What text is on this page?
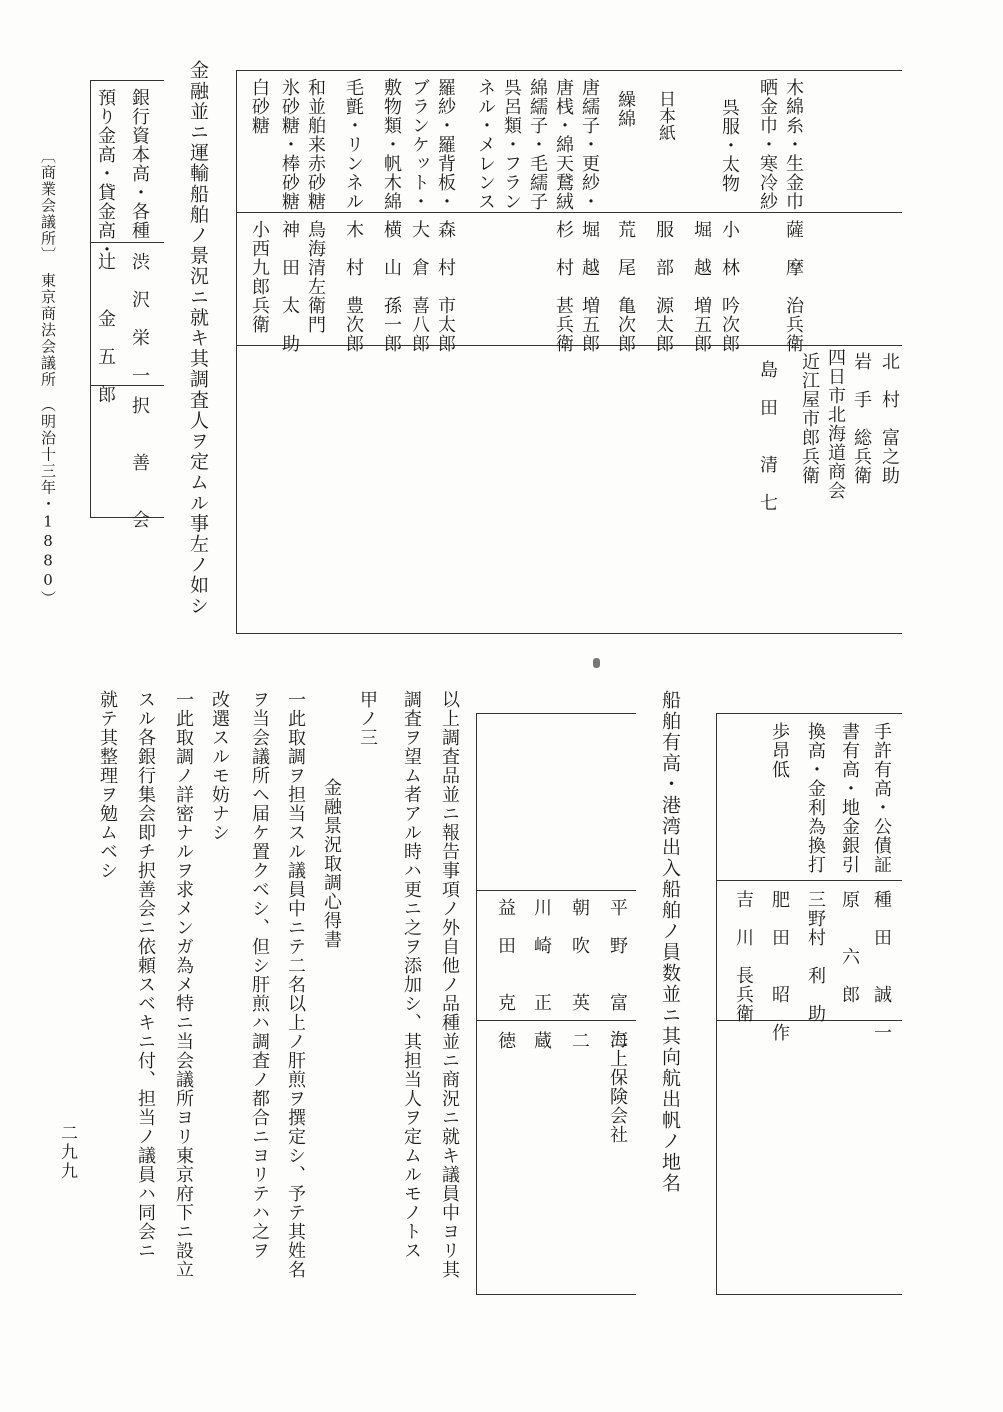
木綿糸・生金巾
北　村　富之助
晒金巾・寒冷紗
薩　摩　治兵衛
岩　手　総兵衛
四日市北海道商会
呉服・太物
小　林　吟次郎
近江屋市郎兵衛
堀　越　増五郎
島　田　　清　七
日本紙
服　部　源太郎
繰綿
荒　尾　亀次郎
唐繻子・更紗・
堀　越　増五郎
唐桟・綿天鵞絨
杉　村　甚兵衛
綿繻子・毛繻子
呉呂類・フラン
ネル・メレンス
羅紗・羅背板・
森　村　市太郎
ブランケット・
大　倉　喜八郎
敷物類・帆木綿
横　山　孫一郎
毛氈・リンネル
木　村　豊次郎
和並舶来赤砂糖
鳥海清左衛門
氷砂糖・棒砂糖
神　田　太　助
白砂糖
小西九郎兵衛
金融並ニ運輸船舶ノ景況ニ就キ其調査人ヲ定ムル事左ノ如シ
銀行資本高・各種
渋　沢　栄　一
択　　善　　会
預り金高・貸金高・
辻　　金　五　郎
〔商業会議所〕　東京商法会議所　（明治十三年・1880）
手許有高・公債証
種　田　　誠　一
書有高・地金銀引
原　　六　郎
換高・金利為換打
三野村　利　助
歩昂低
肥　田　　昭　作
吉　川　長兵衛
船舶有高・港湾出入船舶ノ員数並ニ其向航出帆ノ地名
平　野　　富　二
海上保険会社
朝　吹　　英　二
川　崎　　正　蔵
益　田　　克　徳
以上調査品並ニ報告事項ノ外自他ノ品種並ニ商況ニ就キ議員中ヨリ其
調査ヲ望ム者アル時ハ更ニ之ヲ添加シ、其担当人ヲ定ムルモノトス
甲ノ三
金融景況取調心得書
一此取調ヲ担当スル議員中ニテ二名以上ノ肝煎ヲ撰定シ、予テ其姓名
ヲ当会議所ヘ届ケ置クベシ、但シ肝煎ハ調査ノ都合ニヨリテハ之ヲ
改選スルモ妨ナシ
一此取調ノ詳密ナルヲ求メンガ為メ特ニ当会議所ヨリ東京府下ニ設立
スル各銀行集会即チ択善会ニ依頼スベキニ付、担当ノ議員ハ同会ニ
就テ其整理ヲ勉ムベシ
二九九
